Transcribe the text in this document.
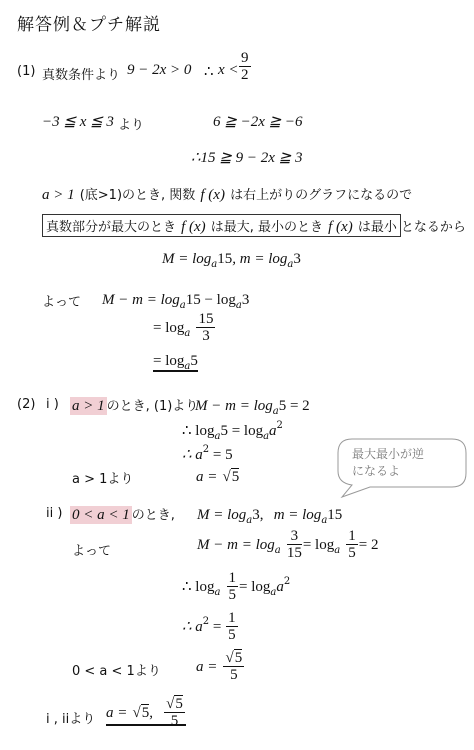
解答例＆プチ解説
(1) 真数条件より 9 − 2x > 0 ∴ $x < \frac{9}{2}$
−3 ≦ x ≦ 3 より	6 ≧ −2x ≧ −6
∴15 ≧ 9 − 2x ≧ 3
a > 1 (底>1)のとき, 関数 f (x) は右上がりのグラフになるので
真数部分が最大のとき f (x) は最大, 最小のとき f (x) は最小 となるから
$M = \log_a15$, $m = \log_a3$
よって $M - m = \log_a15 - \log_a3$
= $\log_a \frac{15}{3}$
= $\log_a5$
(2) i ) a > 1 のとき, (1)より
$M - m = \log_a5 = 2$
∴ $\log_a5 = \log_aa^2$
∴ $a^2 = 5$
a > 1より	a = √5
最大最小が逆
になるよ
ii ) 0 < a < 1 のとき, $M = \log_a3$, $m = \log_a15$
よって	$M - m = \log_a \frac{3}{15} = \log_a \frac{1}{5} = 2$
∴ $\log_a \frac{1}{5} = \log_aa^2$
∴ $a^2 = \frac{1}{5}$
0 < a < 1より $a = \frac{√5}{5}$
i , iiより a = √5, $\frac{√5}{5}$
